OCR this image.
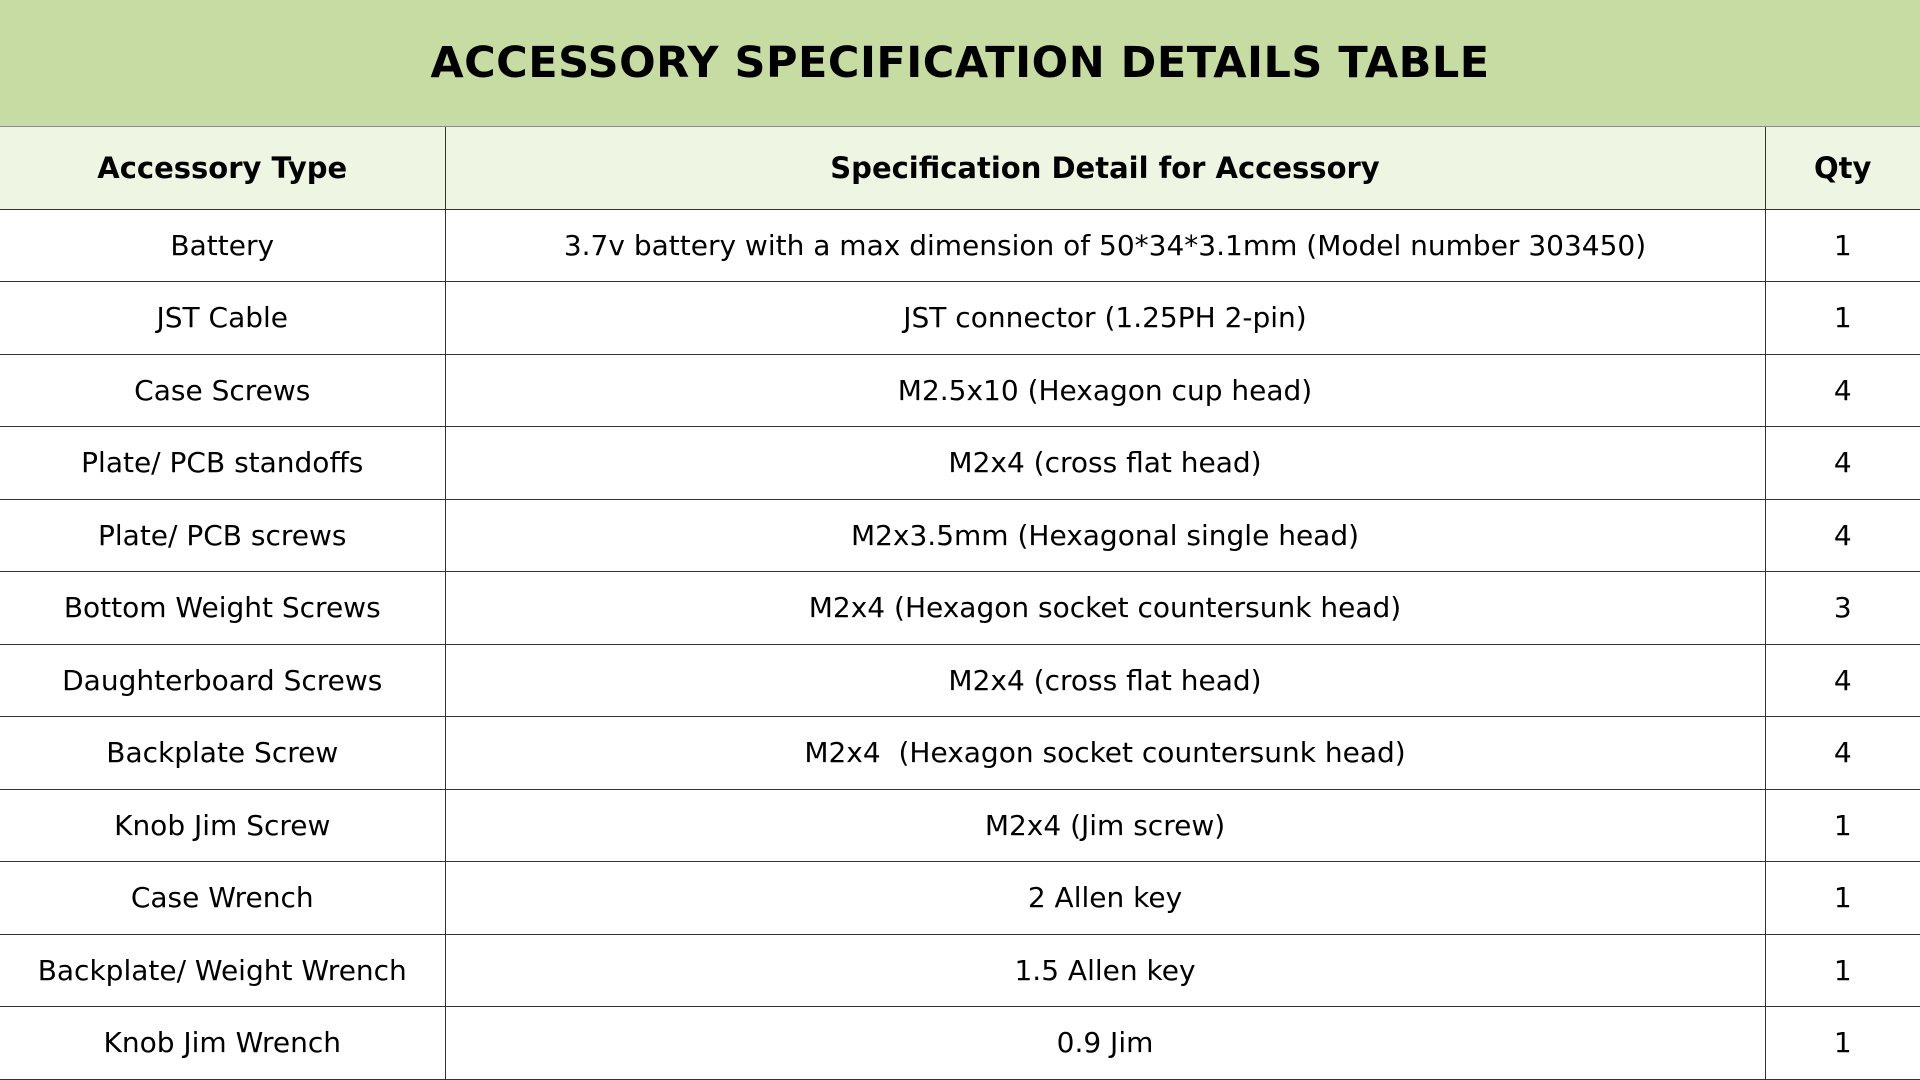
ACCESSORY SPECIFICATION DETAILS TABLE
Accessory Type	Specification Detail for Accessory	Qty
Battery	3.7v battery with a max dimension of 50*34*3.1mm (Model number 303450)	1
JST Cable	JST connector (1.25PH 2-pin)	1
Case Screws	M2.5x10 (Hexagon cup head)	4
Plate/ PCB standoffs	M2x4 (cross flat head)	4
Plate/ PCB screws	M2x3.5mm (Hexagonal single head)	4
Bottom Weight Screws	M2x4 (Hexagon socket countersunk head)	3
Daughterboard Screws	M2x4 (cross flat head)	4
Backplate Screw	M2x4  (Hexagon socket countersunk head)	4
Knob Jim Screw	M2x4 (Jim screw)	1
Case Wrench	2 Allen key	1
Backplate/ Weight Wrench	1.5 Allen key	1
Knob Jim Wrench	0.9 Jim	1
